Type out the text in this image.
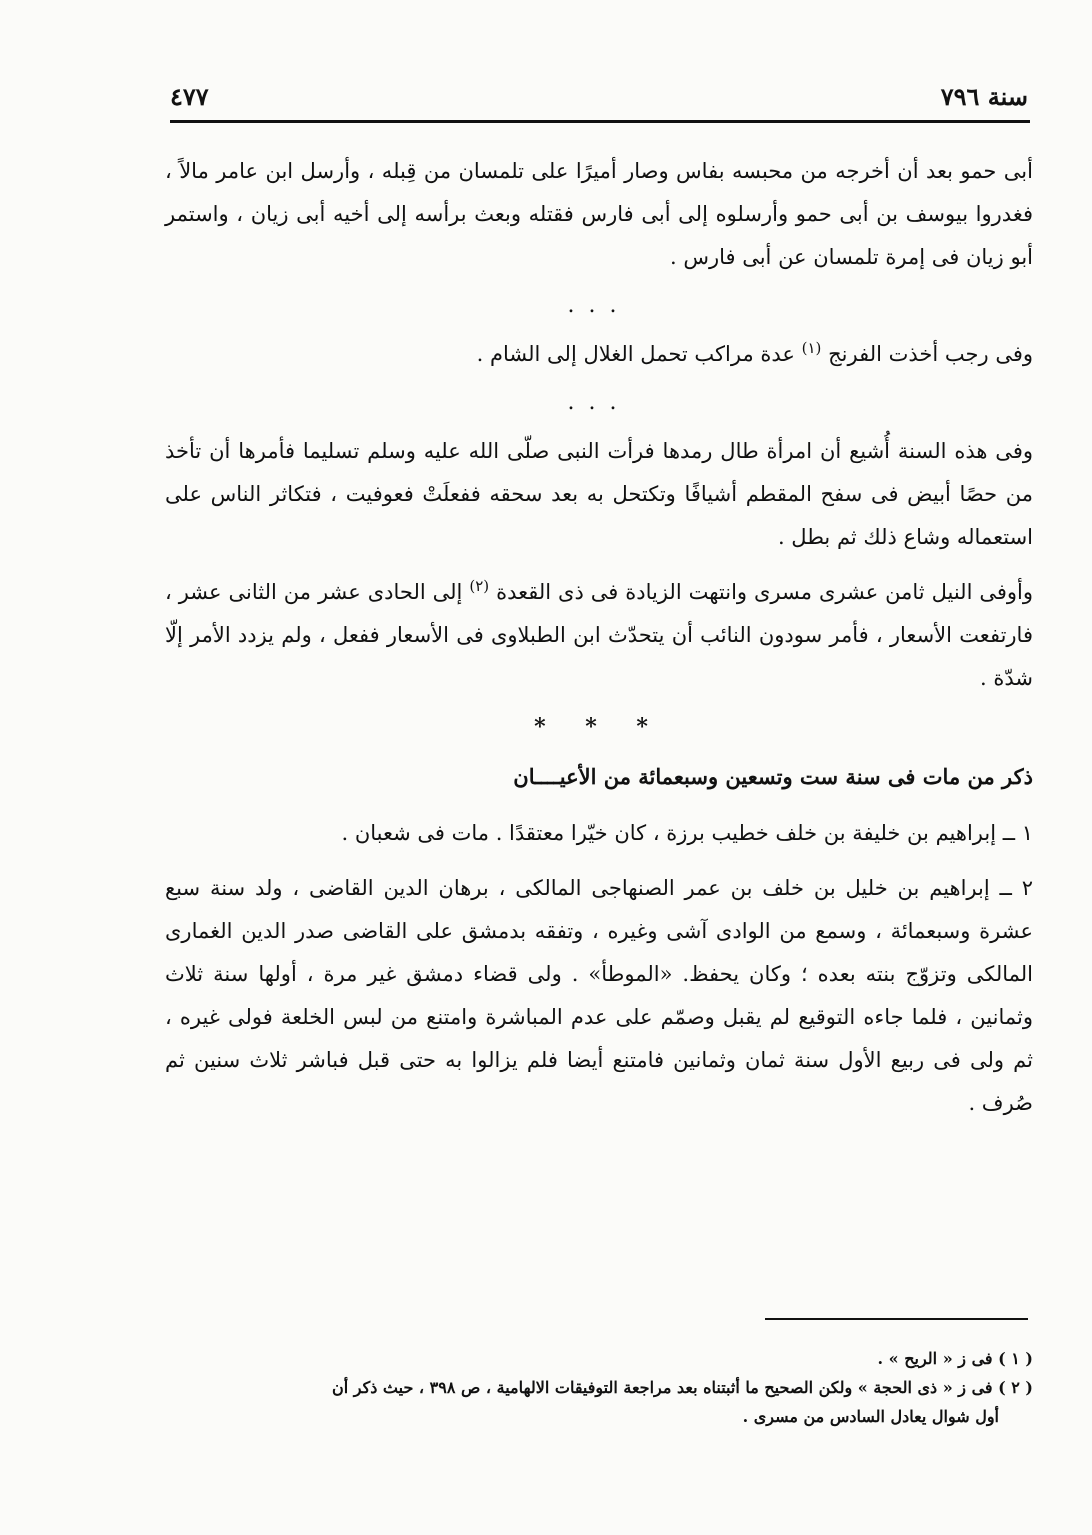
سنة ٧٩٦
٤٧٧

أبى حمو بعد أن أخرجه من محبسه بفاس وصار أميرًا على تلمسان من قِبله ، وأرسل ابن عامر مالاً ، فغدروا بيوسف بن أبى حمو وأرسلوه إلى أبى فارس فقتله وبعث برأسه إلى أخيه أبى زيان ، واستمر أبو زيان فى إمرة تلمسان عن أبى فارس .

...

وفى رجب أخذت الفرنج $^{(١)}$ عدة مراكب تحمل الغلال إلى الشام .

...

وفى هذه السنة أُشيع أن امرأة طال رمدها فرأت النبى صلّى الله عليه وسلم تسليما فأمرها أن تأخذ من حصًا أبيض فى سفح المقطم أشيافًا وتكتحل به بعد سحقه ففعلَتْ فعوفيت ، فتكاثر الناس على استعماله وشاع ذلك ثم بطل .

وأوفى النيل ثامن عشرى مسرى وانتهت الزيادة فى ذى القعدة $^{(٢)}$ إلى الحادى عشر من الثانى عشر ، فارتفعت الأسعار ، فأمر سودون النائب أن يتحدّث ابن الطبلاوى فى الأسعار ففعل ، ولم يزدد الأمر إلّا شدّة .

* * *

ذكر من مات فى سنة ست وتسعين وسبعمائة من الأعيــــان

١ ــ إبراهيم بن خليفة بن خلف خطيب برزة ، كان خيّرا معتقدًا . مات فى شعبان .

٢ ــ إبراهيم بن خليل بن خلف بن عمر الصنهاجى المالكى ، برهان الدين القاضى ، ولد سنة سبع عشرة وسبعمائة ، وسمع من الوادى آشى وغيره ، وتفقه بدمشق على القاضى صدر الدين الغمارى المالكى وتزوّج بنته بعده ؛ وكان يحفظ. «الموطأ» . ولى قضاء دمشق غير مرة ، أولها سنة ثلاث وثمانين ، فلما جاءه التوقيع لم يقبل وصمّم على عدم المباشرة وامتنع من لبس الخلعة فولى غيره ، ثم ولى فى ربيع الأول سنة ثمان وثمانين فامتنع أيضا فلم يزالوا به حتى قبل فباشر ثلاث سنين ثم صُرف .

( ١ ) فى ز « الريح » .

( ٢ ) فى ز « ذى الحجة » ولكن الصحيح ما أثبتناه بعد مراجعة التوفيقات الالهامية ، ص ٣٩٨ ، حيث ذكر أن

أول شوال يعادل السادس من مسرى .
